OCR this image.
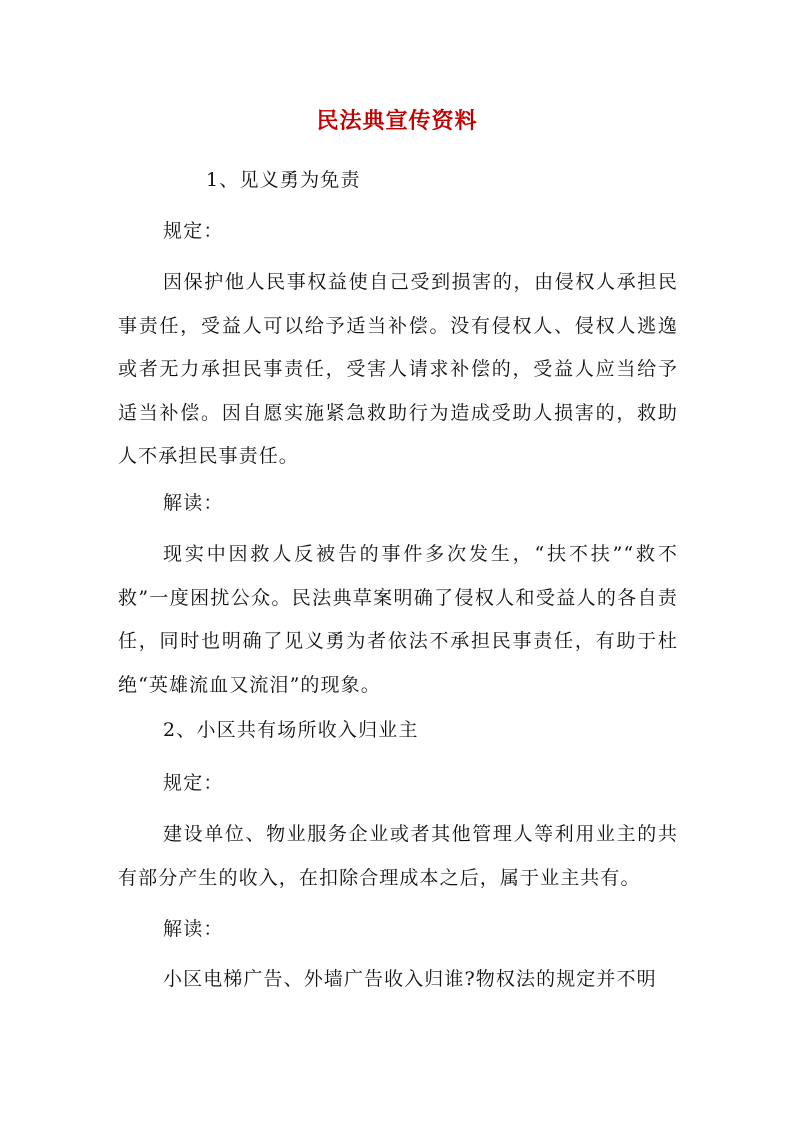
民法典宣传资料
1、见义勇为免责
规定：
因保护他人民事权益使自己受到损害的，由侵权人承担民事责任，受益人可以给予适当补偿。没有侵权人、侵权人逃逸或者无力承担民事责任，受害人请求补偿的，受益人应当给予适当补偿。因自愿实施紧急救助行为造成受助人损害的，救助人不承担民事责任。
解读：
现实中因救人反被告的事件多次发生，“扶不扶”“救不救”一度困扰公众。民法典草案明确了侵权人和受益人的各自责任，同时也明确了见义勇为者依法不承担民事责任，有助于杜绝“英雄流血又流泪”的现象。
2、小区共有场所收入归业主
规定：
建设单位、物业服务企业或者其他管理人等利用业主的共有部分产生的收入，在扣除合理成本之后，属于业主共有。
解读：
小区电梯广告、外墙广告收入归谁?物权法的规定并不明
